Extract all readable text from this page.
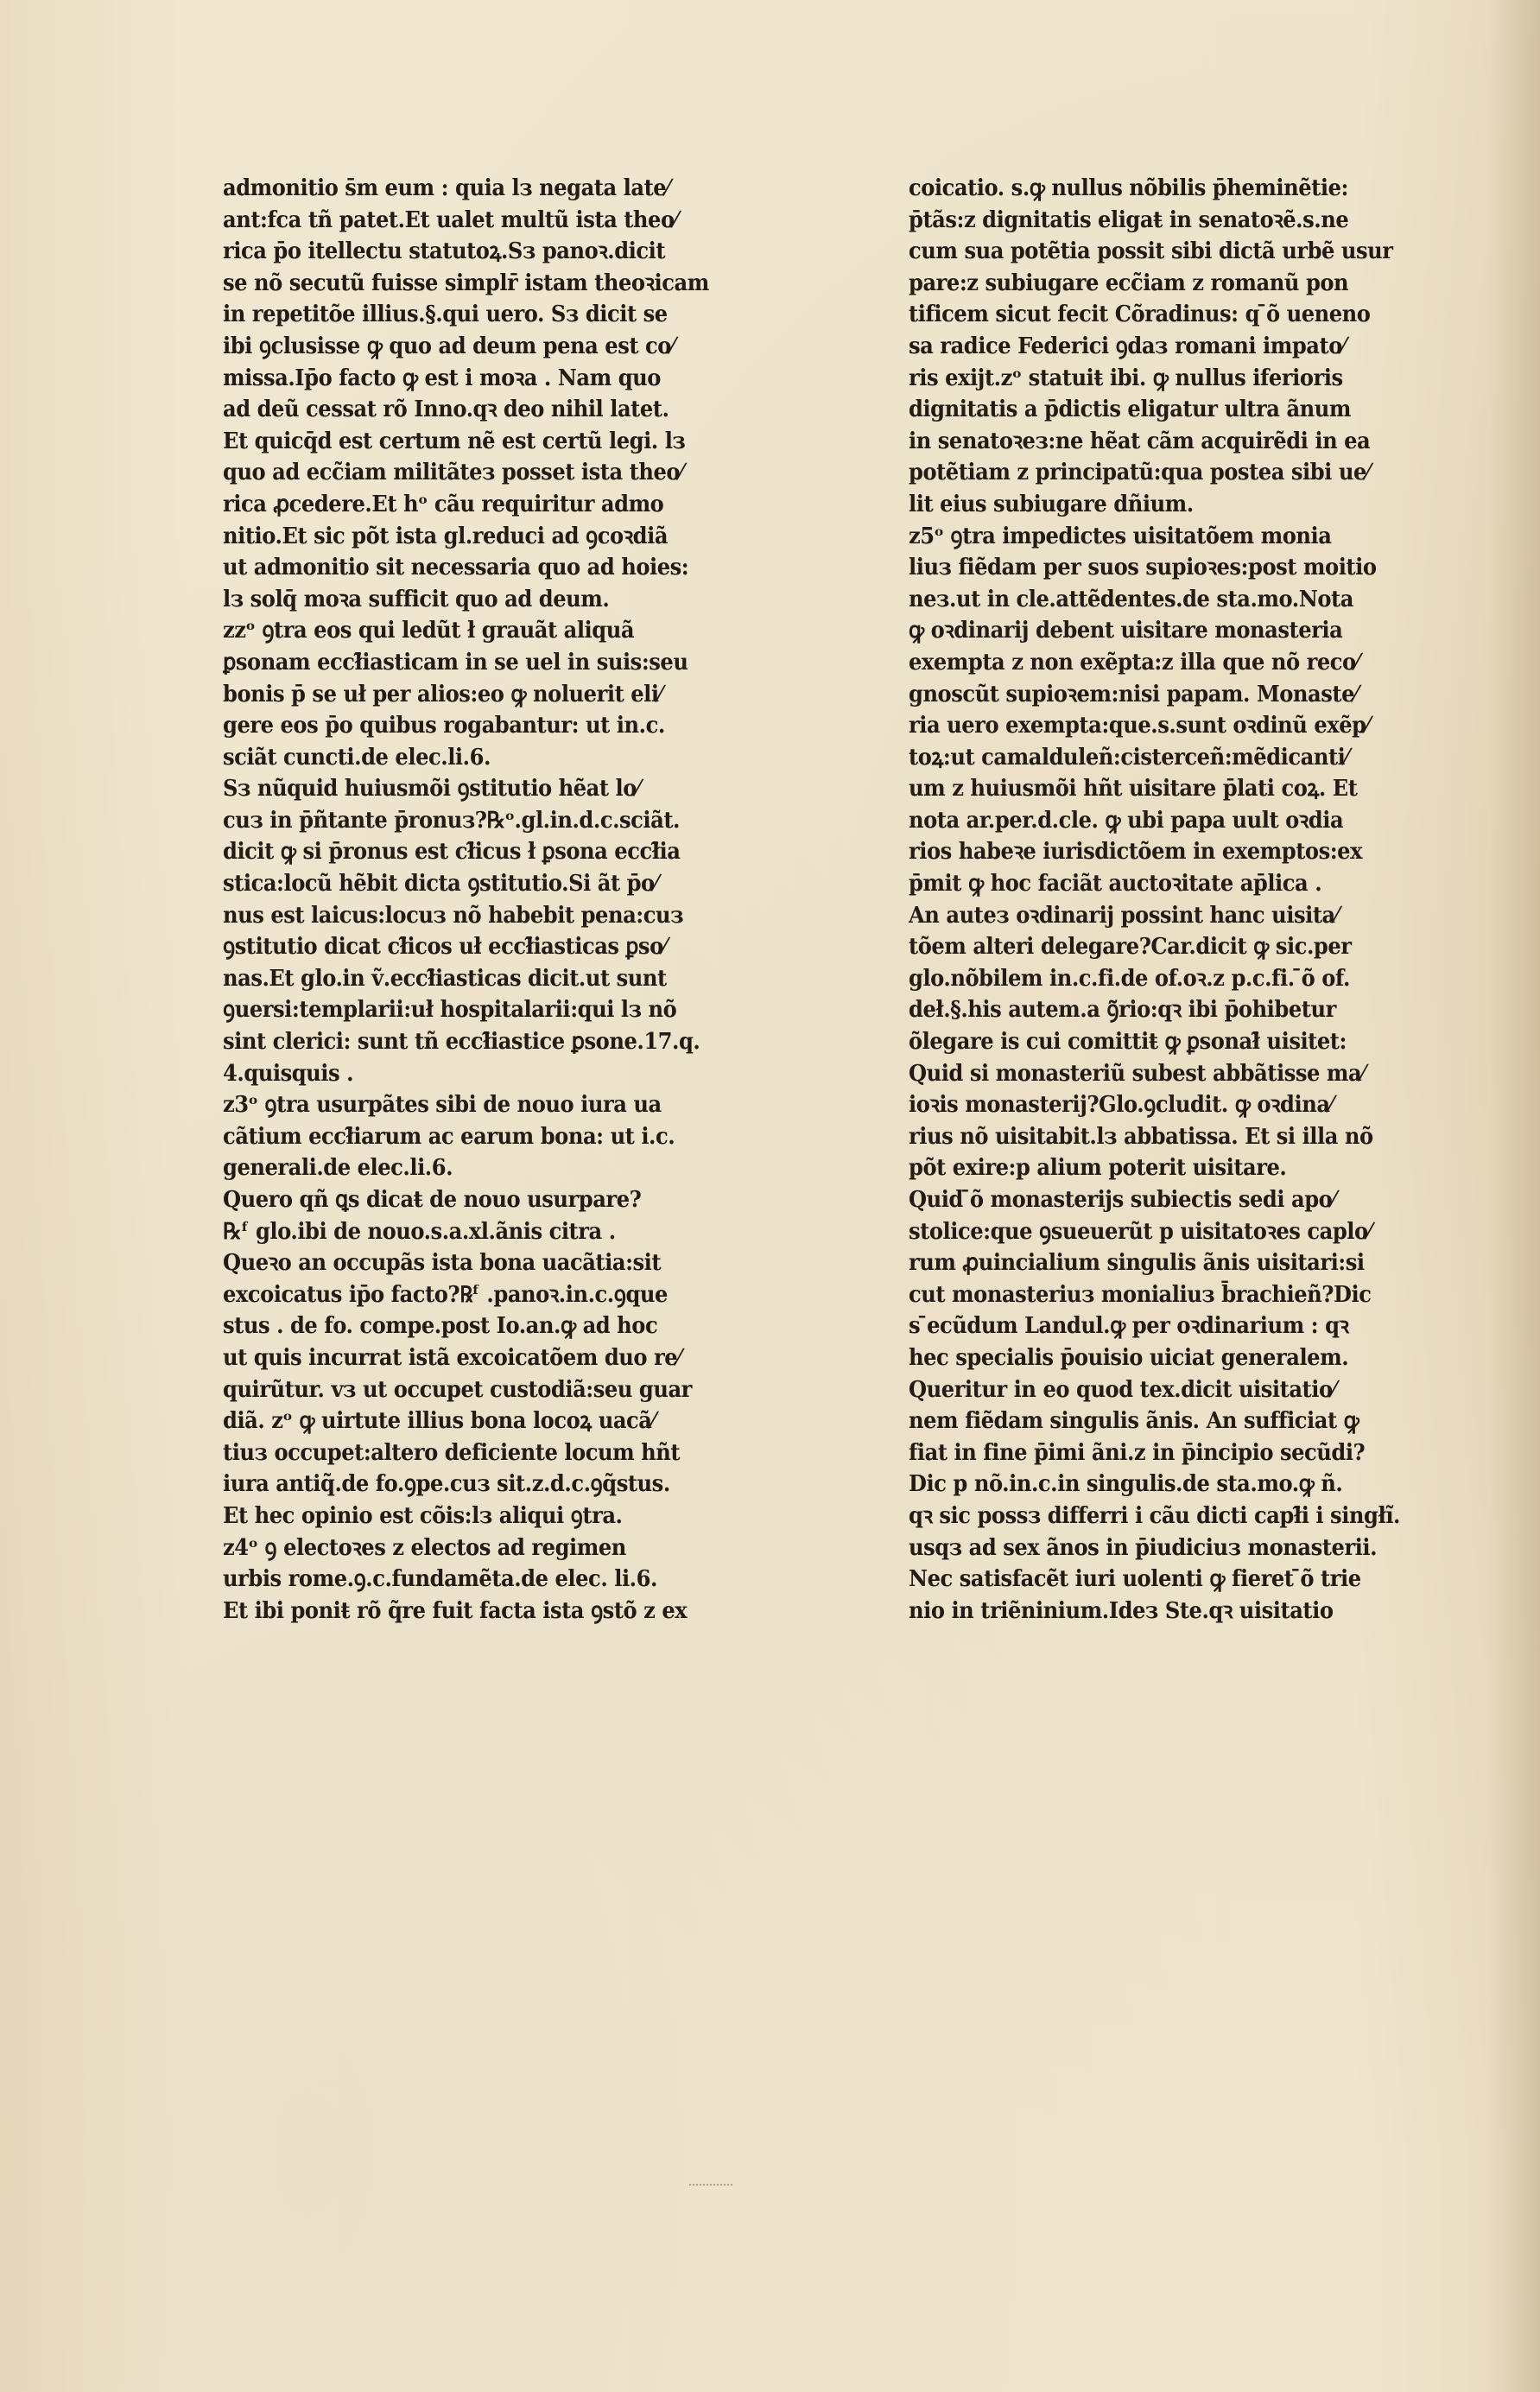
admonitio s̄m eum : quia lз negata late⁄
ant:fca tñ patet.Et ualet multũ ista theo⁄
rica p̄o itellectu statutoꝝ.Sз panoꝛ.dicit
se nõ secutũ fuisse simplr̄ istam theoꝛicam
in repetitõe illius.§.qui uero. Sз dicit se
ibi ꝯclusisse ꝙ quo ad deum pena est co⁄
missa.Ip̄o facto ꝙ est i moꝛa . Nam quo
ad deũ cessat rõ Inno.qꝛ deo nihil latet.
Et quicq̄d est certum nẽ est certũ legi. lз
quo ad ecc̃iam militãteз posset ista theo⁄
rica ꝓcedere.Et hᵒ cãu requiritur admo
nitio.Et sic põt ista gl.reduci ad ꝯcoꝛdiã
ut admonitio sit necessaria quo ad hoies:
lз solq̄ moꝛa sufficit quo ad deum.
zzᵒ ꝯtra eos qui ledũt ł grauãt aliquã
ꝑsonam eccł̃iasticam in se uel in suis:seu
bonis p̄ se uł per alios:eo ꝙ noluerit eli⁄
gere eos p̄o quibus rogabantur: ut in.c.
sciãt cuncti.de elec.li.6.
Sз nũquid huiusmõi ꝯstitutio hẽat lo⁄
cuз in p̄ñtante p̄ronuз?℞ᵒ.gl.in.d.c.sciãt.
dicit ꝙ si p̄ronus est cł̃icus ł ꝑsona eccł̃ia
stica:locũ hẽbit dicta ꝯstitutio.Si ãt p̄o⁄
nus est laicus:locuз nõ habebit pena:cuз
ꝯstitutio dicat cł̃icos uł eccł̃iasticas ꝑso⁄
nas.Et glo.in ṽ.eccł̃iasticas dicit.ut sunt
ꝯuersi:templarii:uł hospitalarii:qui lз nõ
sint clerici: sunt tñ eccł̃iastice ꝑsone.17.q.
4.quisquis .
z3ᵒ ꝯtra usurpãtes sibi de nouo iura ua
cãtium eccł̃iarum ac earum bona: ut i.c.
generali.de elec.li.6.
Quero qñ ꝗs dicaŧ de nouo usurpare?
℞ᶠ glo.ibi de nouo.s.a.xl.ãnis citra .
Queꝛo an occupãs ista bona uacãtia:sit
excoicatus ip̄o facto?℞ᶠ .panoꝛ.in.c.ꝯque
stus . de fo. compe.post Io.an.ꝙ ad hoc
ut quis incurrat istã excoicatõem duo re⁄
quirũtur. vз ut occupet custodiã:seu guar
diã. zᵒ ꝙ uirtute illius bona locoꝝ uacã⁄
tiuз occupet:altero deficiente locum hñt
iura antiq̃.de fo.ꝯpe.cuз sit.z.d.c.ꝯq̃stus.
Et hec opinio est cõis:lз aliqui ꝯtra.
z4ᵒ ꝯ electoꝛes z electos ad regimen
urbis rome.ꝯ.c.fundamẽta.de elec. li.6.
Et ibi poniŧ rõ q̃re fuit facta ista ꝯstõ z ex
coicatio. s.ꝙ nullus nõbilis p̄heminẽtie:
p̄tãs:z dignitatis eligaŧ in senatoꝛẽ.s.ne
cum sua potẽtia possit sibi dictã urbẽ usur
pare:z subiugare ecc̃iam z romanũ pon
tificem sicut fecit Cõradinus: q ̄õ ueneno
sa radice Federici ꝯdaз romani impato⁄
ris exijt.zᵒ statuiŧ ibi. ꝙ nullus iferioris
dignitatis a p̄dictis eligatur ultra ãnum
in senatoꝛeз:ne hẽat cãm acquirẽdi in ea
potẽtiam z principatũ:qua postea sibi ue⁄
lit eius subiugare dñium.
z5ᵒ ꝯtra impedictes uisitatõem monia
liuз fiẽdam per suos supioꝛes:post moitio
neз.ut in cle.attẽdentes.de sta.mo.Nota
ꝙ oꝛdinarij debent uisitare monasteria
exempta z non exẽpta:z illa que nõ reco⁄
gnoscũt supioꝛem:nisi papam. Monaste⁄
ria uero exempta:que.s.sunt oꝛdinũ exẽp⁄
toꝝ:ut camalduleñ:cisterceñ:mẽdicanti⁄
um z huiusmõi hñt uisitare p̄lati coꝝ. Et
nota ar.per.d.cle. ꝙ ubi papa uult oꝛdia
rios habeꝛe iurisdictõem in exemptos:ex
p̄mit ꝙ hoc faciãt auctoꝛitate ap̄lica .
An auteз oꝛdinarij possint hanc uisita⁄
tõem alteri delegare?Car.dicit ꝙ sic.per
glo.nõbilem in.c.fi.de of.oꝛ.z p.c.fi. ̄õ of.
deł.§.his autem.a ꝯ̃rio:qꝛ ibi p̄ohibetur
õlegare is cui comittiŧ ꝙ ꝑsonał̃ uisitet:
Quid si monasteriũ subest abbãtisse ma⁄
ioꝛis monasterij?Glo.ꝯcludit. ꝙ oꝛdina⁄
rius nõ uisitabit.lз abbatissa. Et si illa nõ
põt exire:p alium poterit uisitare.
Quid ̄õ monasterijs subiectis sedi apo⁄
stolice:que ꝯsueuerũt p uisitatoꝛes caplo⁄
rum ꝓuincialium singulis ãnis uisitari:si
cut monasteriuз monialiuз b̄rachieñ?Dic
s ̄ecũdum Landul.ꝙ per oꝛdinarium : qꝛ
hec specialis p̄ouisio uiciat generalem.
Queritur in eo quod tex.dicit uisitatio⁄
nem fiẽdam singulis ãnis. An sufficiat ꝙ
fiat in fine p̄imi ãni.z in p̄incipio secũdi?
Dic p nõ.in.c.in singulis.de sta.mo.ꝙ ñ.
qꝛ sic possз differri i cãu dicti capł̃i i singłĩ.
usqз ad sex ãnos in p̄iudiciuз monasterii.
Nec satisfacẽt iuri uolenti ꝙ fieret ̄õ trie
nio in triẽninium.Ideз Ste.qꝛ uisitatio
